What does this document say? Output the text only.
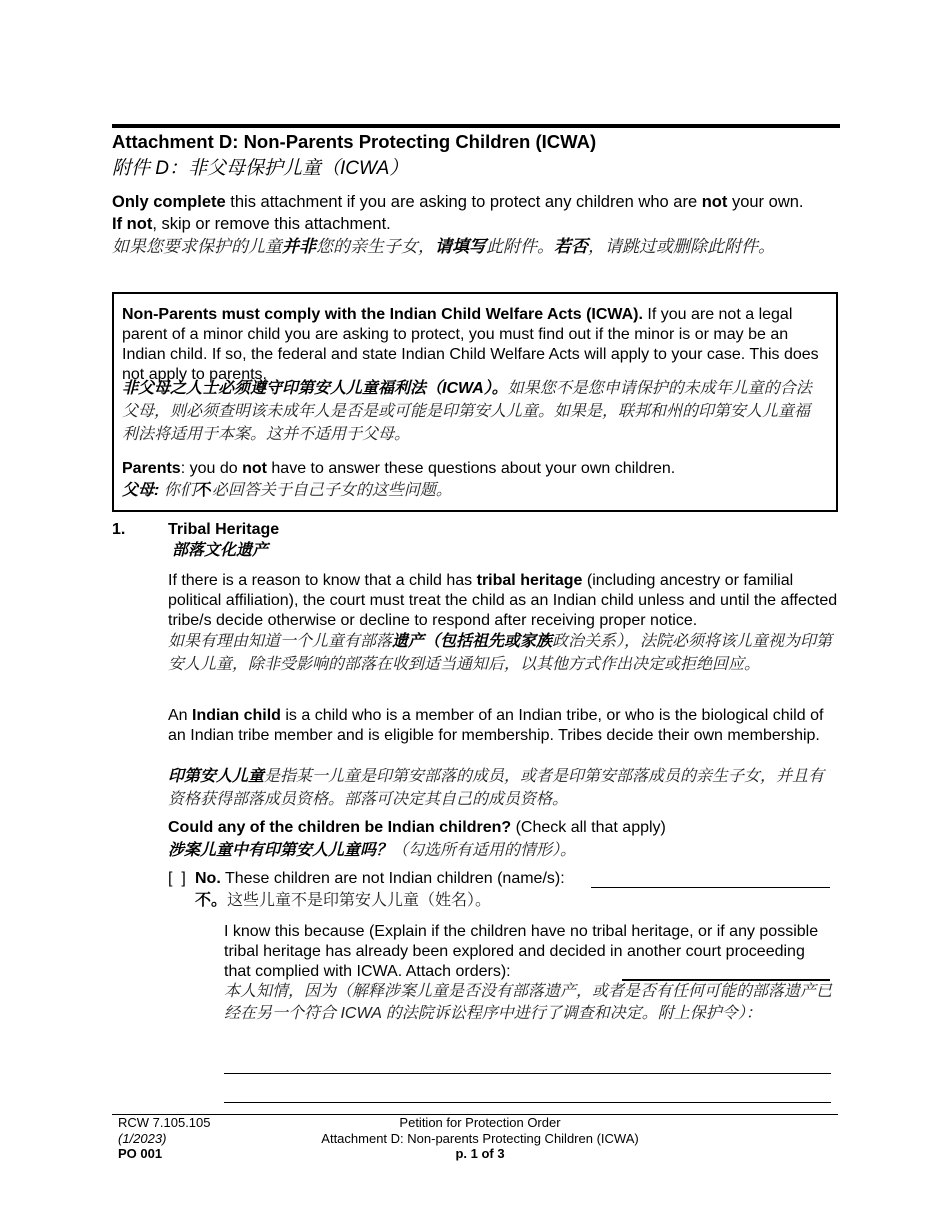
Attachment D: Non-Parents Protecting Children (ICWA)
附件 D：非父母保护儿童（ICWA）
Only complete this attachment if you are asking to protect any children who are not your own. If not, skip or remove this attachment.
如果您要求保护的儿童并非您的亲生子女，请填写此附件。若否，请跳过或删除此附件。
Non-Parents must comply with the Indian Child Welfare Acts (ICWA). If you are not a legal parent of a minor child you are asking to protect, you must find out if the minor is or may be an Indian child. If so, the federal and state Indian Child Welfare Acts will apply to your case. This does not apply to parents.
非父母之人士必须遵守印第安人儿童福利法（ICWA）。如果您不是您申请保护的未成年儿童的合法父母，则必须查明该未成年人是否是或可能是印第安人儿童。如果是，联邦和州的印第安人儿童福利法将适用于本案。这并不适用于父母。
Parents: you do not have to answer these questions about your own children.
父母: 你们不必回答关于自己子女的这些问题。
1.	Tribal Heritage
部落文化遗产
If there is a reason to know that a child has tribal heritage (including ancestry or familial political affiliation), the court must treat the child as an Indian child unless and until the affected tribe/s decide otherwise or decline to respond after receiving proper notice.
如果有理由知道一个儿童有部落遗产（包括祖先或家族政治关系），法院必须将该儿童视为印第安人儿童，除非受影响的部落在收到适当通知后，以其他方式作出决定或拒绝回应。
An Indian child is a child who is a member of an Indian tribe, or who is the biological child of an Indian tribe member and is eligible for membership. Tribes decide their own membership.
印第安人儿童是指某一儿童是印第安部落的成员，或者是印第安部落成员的亲生子女，并且有资格获得部落成员资格。部落可决定其自己的成员资格。
Could any of the children be Indian children? (Check all that apply)
涉案儿童中有印第安人儿童吗？（勾选所有适用的情形）。
[  ] No. These children are not Indian children (name/s):
不。这些儿童不是印第安人儿童（姓名）。
I know this because (Explain if the children have no tribal heritage, or if any possible tribal heritage has already been explored and decided in another court proceeding that complied with ICWA. Attach orders):
本人知情，因为（解释涉案儿童是否没有部落遗产，或者是否有任何可能的部落遗产已经在另一个符合 ICWA 的法院诉讼程序中进行了调查和决定。附上保护令）：
RCW 7.105.105
(1/2023)
PO 001
Petition for Protection Order
Attachment D: Non-parents Protecting Children (ICWA)
p. 1 of 3
